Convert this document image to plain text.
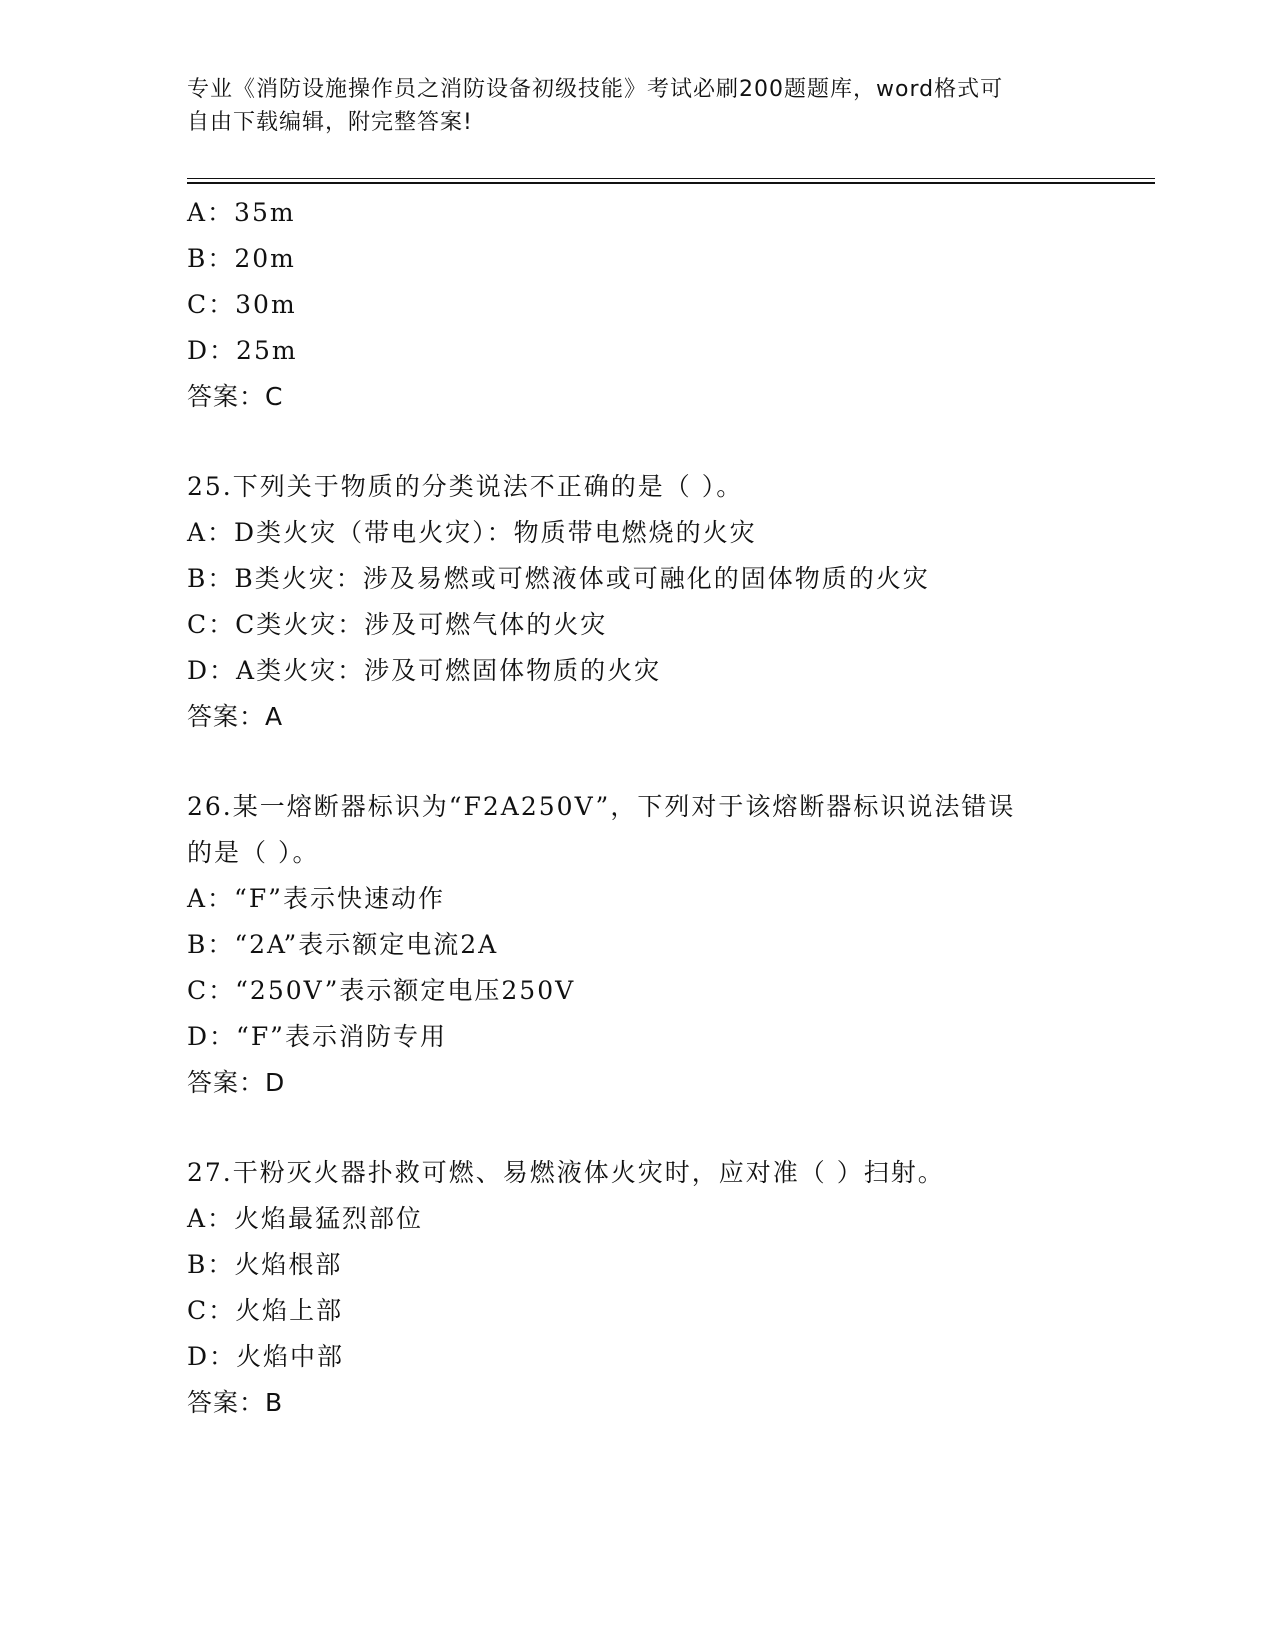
专业《消防设施操作员之消防设备初级技能》考试必刷200题题库，word格式可
自由下载编辑，附完整答案!
A：35m
B：20m
C：30m
D：25m
答案：C
25.下列关于物质的分类说法不正确的是（ ）。
A：D类火灾（带电火灾）：物质带电燃烧的火灾
B：B类火灾：涉及易燃或可燃液体或可融化的固体物质的火灾
C：C类火灾：涉及可燃气体的火灾
D：A类火灾：涉及可燃固体物质的火灾
答案：A
26.某一熔断器标识为“F2A250V”，下列对于该熔断器标识说法错误
的是（ ）。
A：“F”表示快速动作
B：“2A”表示额定电流2A
C：“250V”表示额定电压250V
D：“F”表示消防专用
答案：D
27.干粉灭火器扑救可燃、易燃液体火灾时，应对准（ ）扫射。
A：火焰最猛烈部位
B：火焰根部
C：火焰上部
D：火焰中部
答案：B
